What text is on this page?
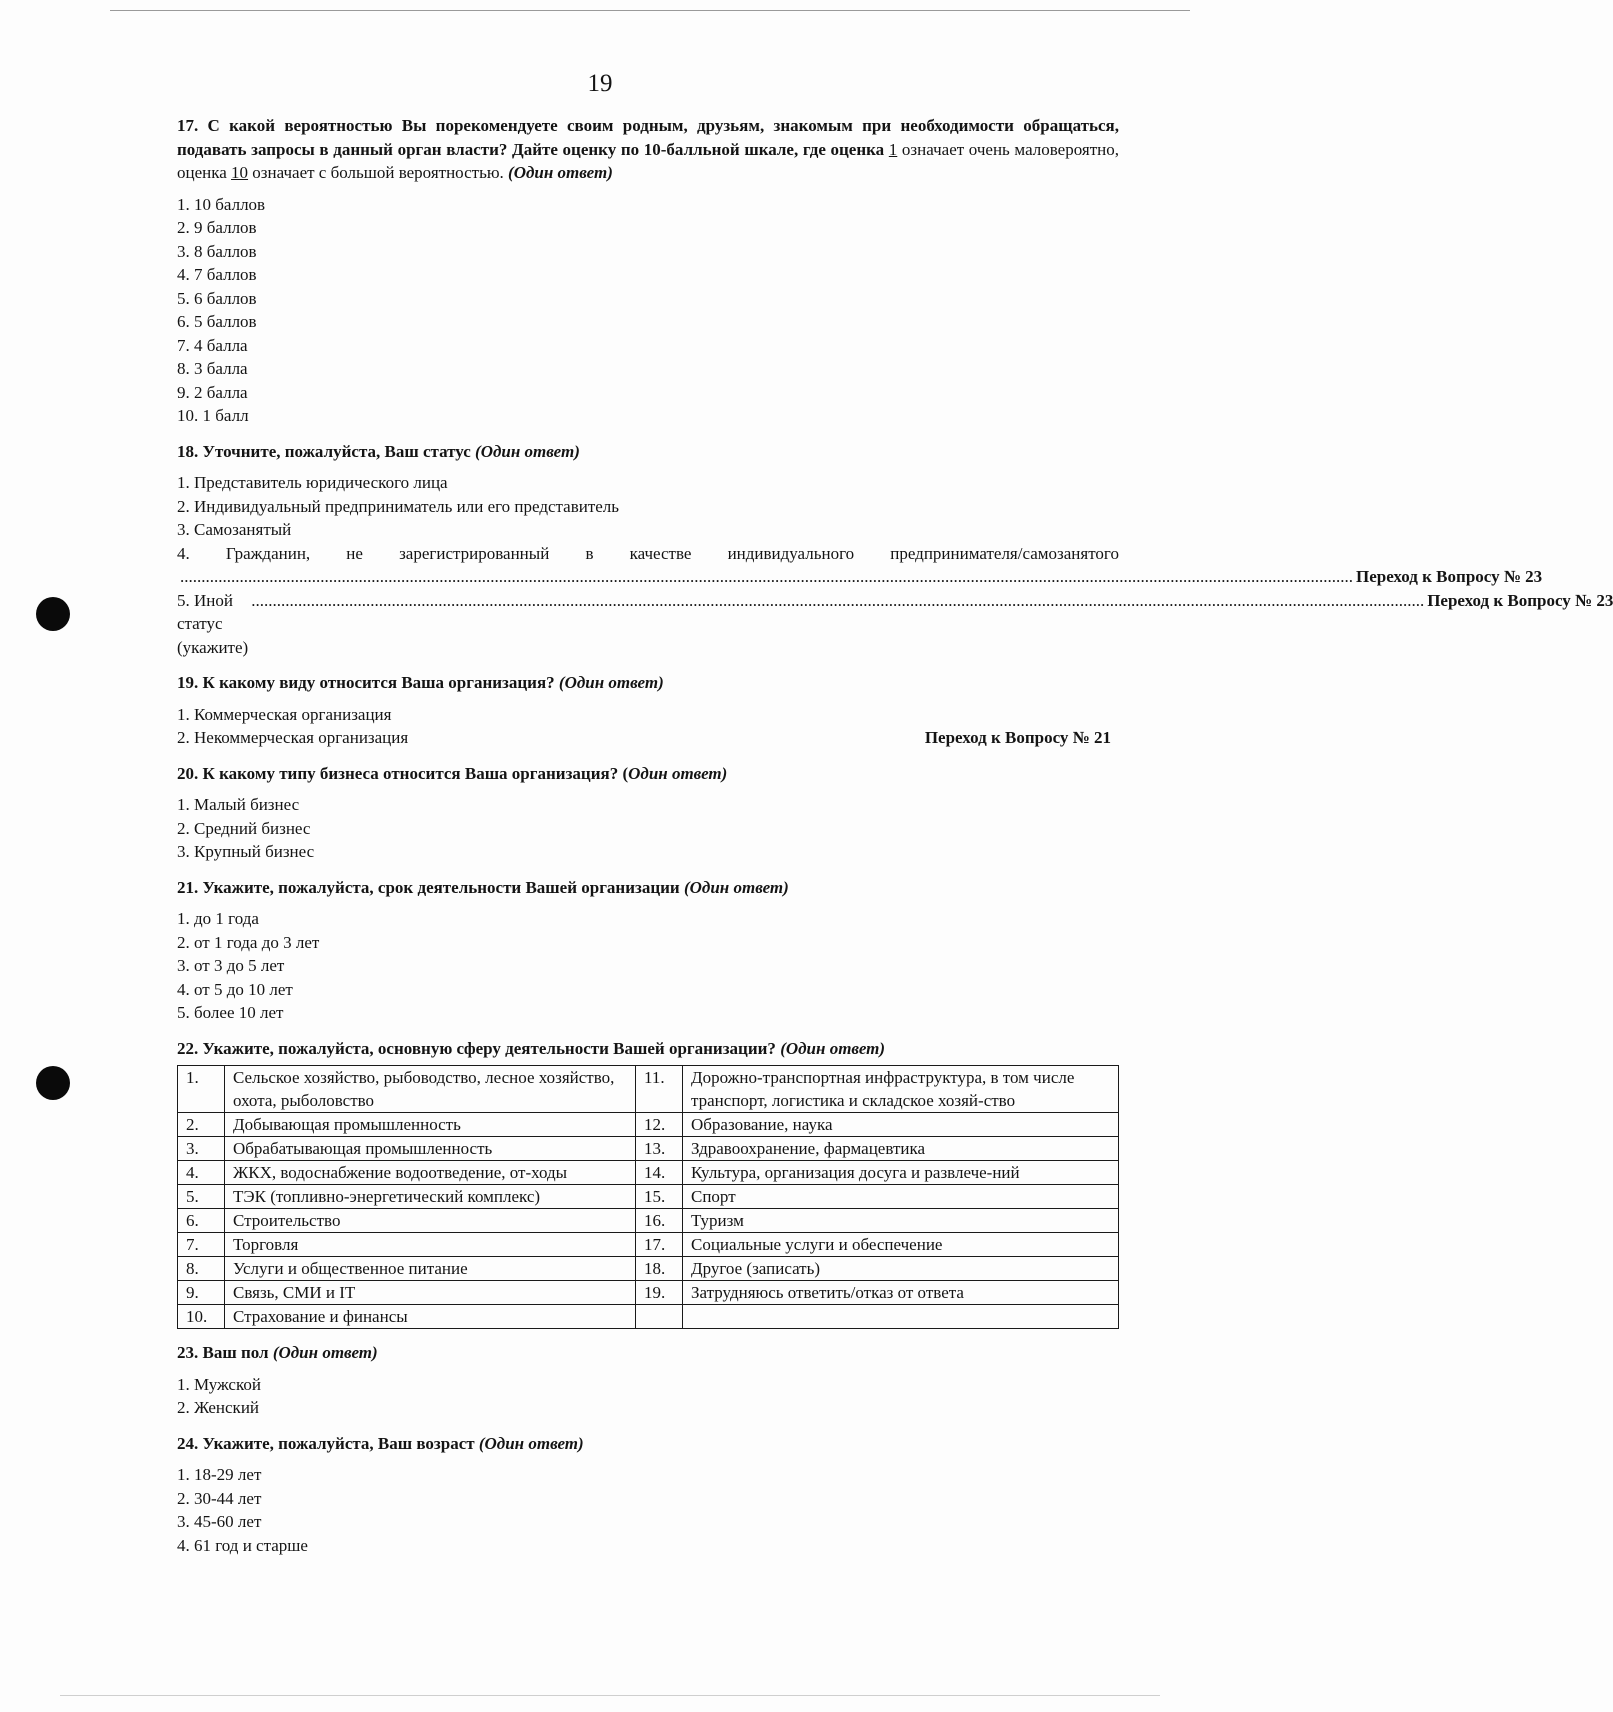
19

17. С какой вероятностью Вы порекомендуете своим родным, друзьям, знакомым при необходимости обращаться, подавать запросы в данный орган власти? Дайте оценку по 10-балльной шкале, где оценка 1 означает очень маловероятно, оценка 10 означает с большой вероятностью. (Один ответ)

1. 10 баллов
2. 9 баллов
3. 8 баллов
4. 7 баллов
5. 6 баллов
6. 5 баллов
7. 4 балла
8. 3 балла
9. 2 балла
10. 1 балл

18. Уточните, пожалуйста, Ваш статус (Один ответ)

1. Представитель юридического лица
2. Индивидуальный предприниматель или его представитель
3. Самозанятый
4. Гражданин, не зарегистрированный в качестве индивидуального предпринимателя/самозанятого
.................................................................................................................................................................................................................................................................................... Переход к Вопросу № 23
5. Иной статус (укажите)
.................................................................................................................................................................................................................................................................................... Переход к Вопросу № 23

19. К какому виду относится Ваша организация? (Один ответ)

1. Коммерческая организация
2. Некоммерческая организация	Переход к Вопросу № 21

20. К какому типу бизнеса относится Ваша организация? (Один ответ)

1. Малый бизнес
2. Средний бизнес
3. Крупный бизнес

21. Укажите, пожалуйста, срок деятельности Вашей организации (Один ответ)

1. до 1 года
2. от 1 года до 3 лет
3. от 3 до 5 лет
4. от 5 до 10 лет
5. более 10 лет

22. Укажите, пожалуйста, основную сферу деятельности Вашей организации? (Один ответ)

1.	Сельское хозяйство, рыбоводство, лесное хозяйство, охота, рыболовство	11.	Дорожно-транспортная инфраструктура, в том числе транспорт, логистика и складское хозяй-ство
2.	Добывающая промышленность	12.	Образование, наука
3.	Обрабатывающая промышленность	13.	Здравоохранение, фармацевтика
4.	ЖКХ, водоснабжение водоотведение, от-ходы	14.	Культура, организация досуга и развлече-ний
5.	ТЭК (топливно-энергетический комплекс)	15.	Спорт
6.	Строительство	16.	Туризм
7.	Торговля	17.	Социальные услуги и обеспечение
8.	Услуги и общественное питание	18.	Другое (записать)
9.	Связь, СМИ и IT	19.	Затрудняюсь ответить/отказ от ответа
10.	Страхование и финансы		

23. Ваш пол (Один ответ)

1. Мужской
2. Женский

24. Укажите, пожалуйста, Ваш возраст (Один ответ)

1. 18-29 лет
2. 30-44 лет
3. 45-60 лет
4. 61 год и старше
